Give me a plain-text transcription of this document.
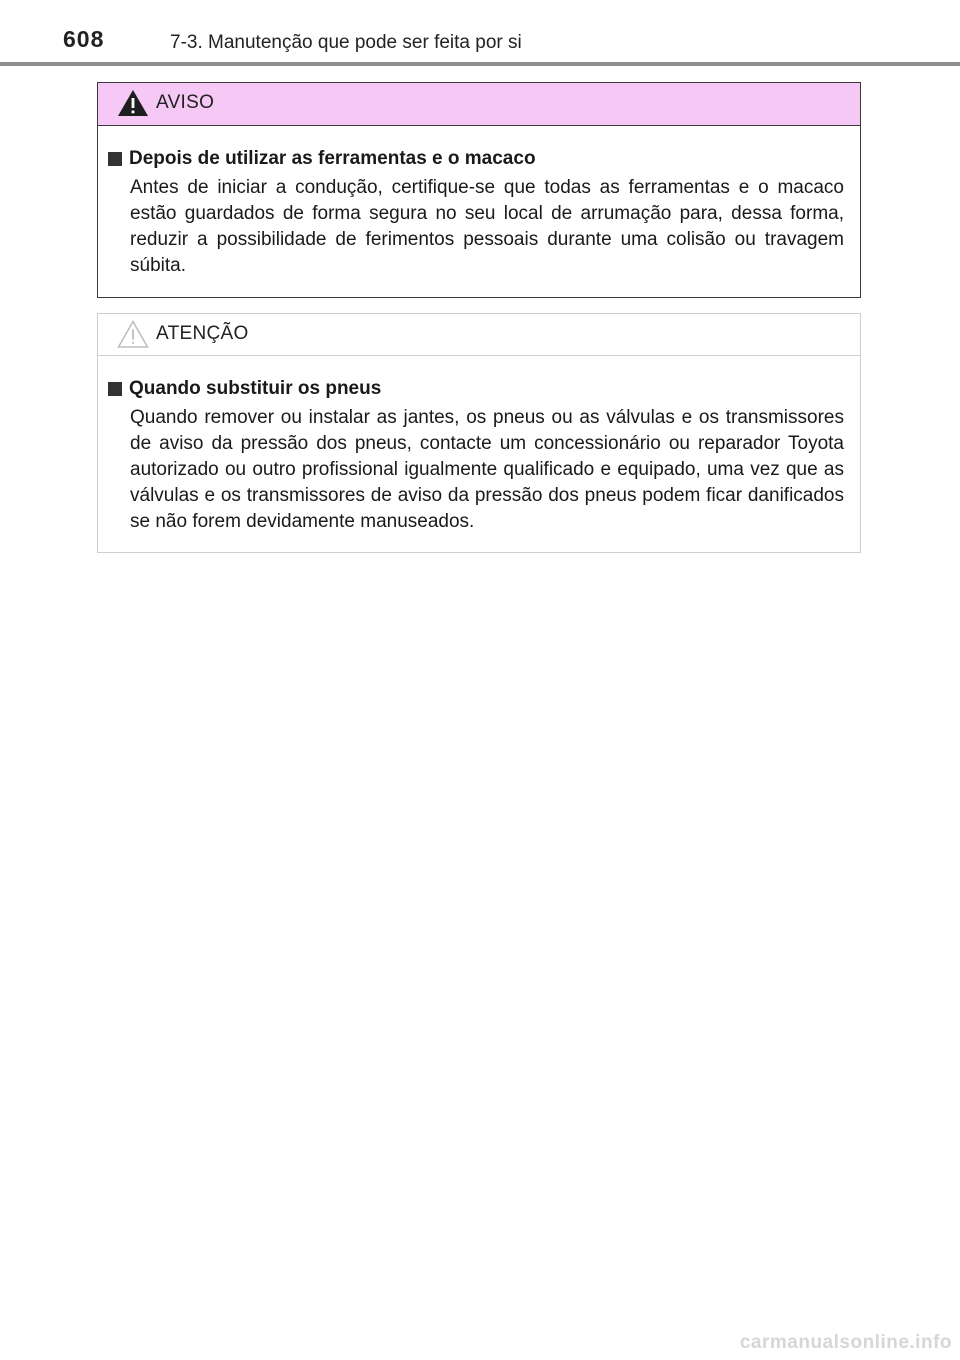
608	7-3. Manutenção que pode ser feita por si
AVISO
Depois de utilizar as ferramentas e o macaco
Antes de iniciar a condução, certifique-se que todas as ferramentas e o macaco estão guardados de forma segura no seu local de arrumação para, dessa forma, reduzir a possibilidade de ferimentos pessoais durante uma colisão ou travagem súbita.
ATENÇÃO
Quando substituir os pneus
Quando remover ou instalar as jantes, os pneus ou as válvulas e os transmissores de aviso da pressão dos pneus, contacte um concessionário ou reparador Toyota autorizado ou outro profissional igualmente qualificado e equipado, uma vez que as válvulas e os transmissores de aviso da pressão dos pneus podem ficar danificados se não forem devidamente manuseados.
carmanualsonline.info
